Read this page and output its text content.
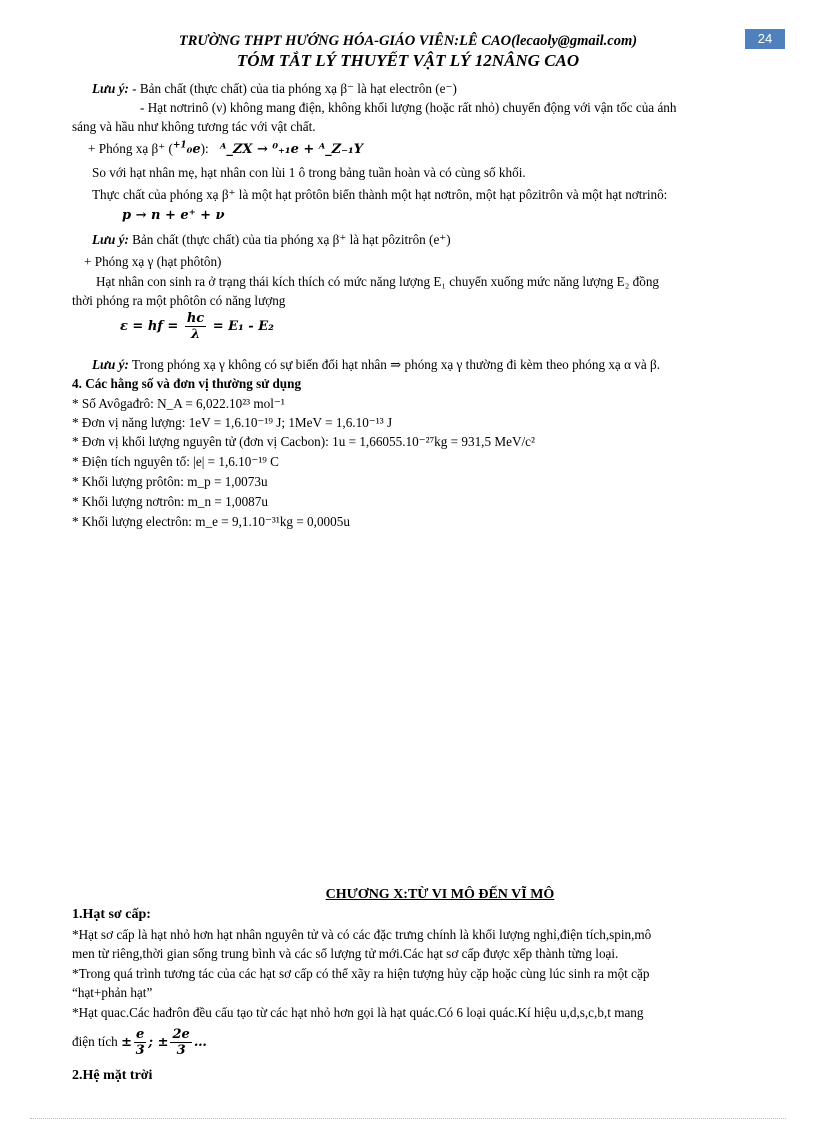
TRƯỜNG THPT HƯỚNG HÓA-GIÁO VIÊN:LÊ CAO(lecaoly@gmail.com)
TÓM TẮT LÝ THUYẾT VẬT LÝ 12NÂNG CAO
24
Lưu ý: - Bản chất (thực chất) của tia phóng xạ β⁻ là hạt electrôn (e⁻)
- Hạt nơtrinô (ν) không mang điện, không khối lượng (hoặc rất nhỏ) chuyển động với vận tốc của ánh
sáng và hầu như không tương tác với vật chất.
+ Phóng xạ β⁺ ($^{+1}$₀e): ᴬ_ZX → ⁰₊₁e + ᴬ_Z₋₁Y
So với hạt nhân mẹ, hạt nhân con lùi 1 ô trong bảng tuần hoàn và có cùng số khối.
Thực chất của phóng xạ β⁺ là một hạt prôtôn biến thành một hạt nơtrôn, một hạt pôzitrôn và một hạt nơtrinô:
p → n + e⁺ + ν
Lưu ý: Bản chất (thực chất) của tia phóng xạ β⁺ là hạt pôzitrôn (e⁺)
+ Phóng xạ γ (hạt phôtôn)
Hạt nhân con sinh ra ở trạng thái kích thích có mức năng lượng E₁ chuyển xuống mức năng lượng E₂ đồng
thời phóng ra một phôtôn có năng lượng
ε = hf = $\frac{hc}{\lambda} = E_1 - E_2$
Lưu ý: Trong phóng xạ γ không có sự biến đổi hạt nhân ⇒ phóng xạ γ thường đi kèm theo phóng xạ α và β.
4. Các hằng số và đơn vị thường sử dụng
* Số Avôgađrô: N_A = 6,022.10²³ mol⁻¹
* Đơn vị năng lượng: 1eV = 1,6.10⁻¹⁹ J; 1MeV = 1,6.10⁻¹³ J
* Đơn vị khối lượng nguyên tử (đơn vị Cacbon): 1u = 1,66055.10⁻²⁷kg = 931,5 MeV/c²
* Điện tích nguyên tố: |e| = 1,6.10⁻¹⁹ C
* Khối lượng prôtôn: m_p = 1,0073u
* Khối lượng nơtrôn: m_n = 1,0087u
* Khối lượng electrôn: m_e = 9,1.10⁻³¹kg = 0,0005u
CHƯƠNG X:TỪ VI MÔ ĐẾN VĨ MÔ
1.Hạt sơ cấp:
*Hạt sơ cấp là hạt nhỏ hơn hạt nhân nguyên tử và có các đặc trưng chính là khối lượng nghỉ,điện tích,spin,mô
men từ riêng,thời gian sống trung bình và các số lượng tử mới.Các hạt sơ cấp được xếp thành từng loại.
*Trong quá trình tương tác của các hạt sơ cấp có thể xãy ra hiện tượng hủy cặp hoặc cùng lúc sinh ra một cặp
“hạt+phản hạt”
*Hạt quac.Các hađrôn đều cấu tạo từ các hạt nhỏ hơn gọi là hạt quác.Có 6 loại quác.Kí hiệu u,d,s,c,b,t mang
điện tích ± $\frac{e}{3}$ ; ± $\frac{2e}{3}$ …
2.Hệ mặt trời
